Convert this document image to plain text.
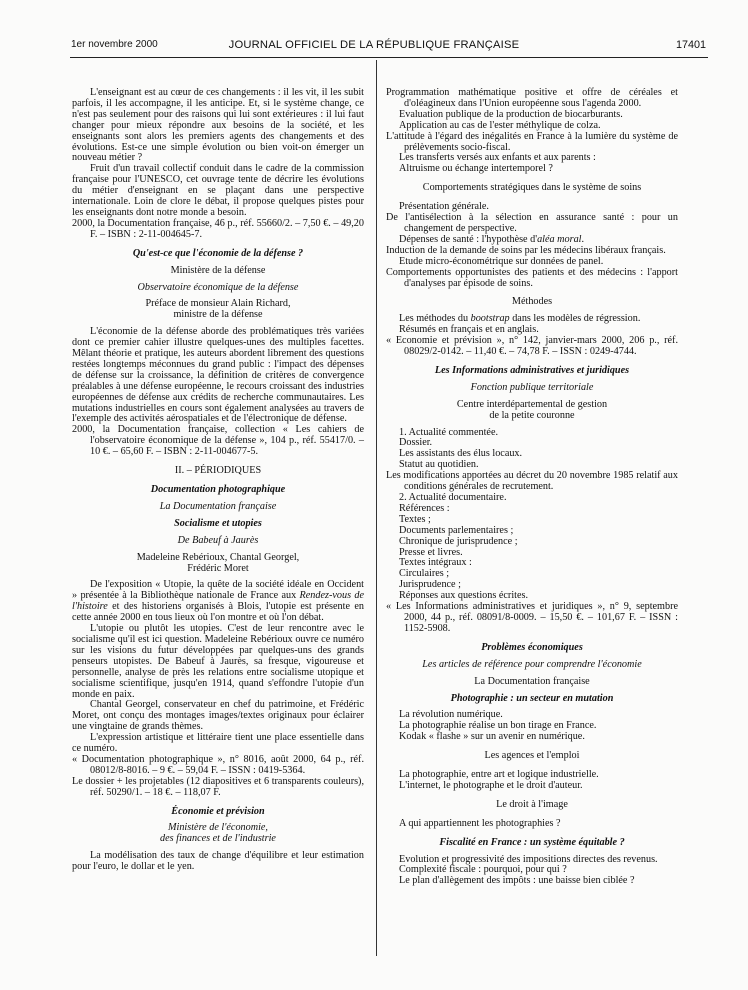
1er novembre 2000	JOURNAL OFFICIEL DE LA RÉPUBLIQUE FRANÇAISE	17401

L'enseignant est au cœur de ces changements : il les vit, il les subit parfois, il les accompagne, il les anticipe. Et, si le système change, ce n'est pas seulement pour des raisons qui lui sont extérieures : il lui faut changer pour mieux répondre aux besoins de la société, et les enseignants sont alors les premiers agents des changements et des évolutions. Est-ce une simple évolution ou bien voit-on émerger un nouveau métier ?

Fruit d'un travail collectif conduit dans le cadre de la commission française pour l'UNESCO, cet ouvrage tente de décrire les évolutions du métier d'enseignant en se plaçant dans une perspective internationale. Loin de clore le débat, il propose quelques pistes pour les enseignants dont notre monde a besoin.

2000, la Documentation française, 46 p., réf. 55660/2. – 7,50 €. – 49,20 F. – ISBN : 2-11-004645-7.

Qu'est-ce que l'économie de la défense ?

Ministère de la défense

Observatoire économique de la défense

Préface de monsieur Alain Richard,

ministre de la défense

L'économie de la défense aborde des problématiques très variées dont ce premier cahier illustre quelques-unes des multiples facettes. Mêlant théorie et pratique, les auteurs abordent librement des questions restées longtemps méconnues du grand public : l'impact des dépenses de défense sur la croissance, la définition de critères de convergence préalables à une défense européenne, le recours croissant des industries européennes de défense aux crédits de recherche communautaires. Les mutations industrielles en cours sont également analysées au travers de l'exemple des activités aérospatiales et de l'électronique de défense.

2000, la Documentation française, collection « Les cahiers de l'observatoire économique de la défense », 104 p., réf. 55417/0. – 10 €. – 65,60 F. – ISBN : 2-11-004677-5.

II. – PÉRIODIQUES

Documentation photographique

La Documentation française

Socialisme et utopies

De Babeuf à Jaurès

Madeleine Rebérioux, Chantal Georgel,

Frédéric Moret

De l'exposition « Utopie, la quête de la société idéale en Occident » présentée à la Bibliothèque nationale de France aux Rendez-vous de l'histoire et des historiens organisés à Blois, l'utopie est présente en cette année 2000 en tous lieux où l'on montre et où l'on débat.

L'utopie ou plutôt les utopies. C'est de leur rencontre avec le socialisme qu'il est ici question. Madeleine Rebérioux ouvre ce numéro sur les visions du futur développées par quelques-uns des grands penseurs utopistes. De Babeuf à Jaurès, sa fresque, vigoureuse et personnelle, analyse de près les relations entre socialisme utopique et socialisme scientifique, jusqu'en 1914, quand s'effondre l'utopie d'un monde en paix.

Chantal Georgel, conservateur en chef du patrimoine, et Frédéric Moret, ont conçu des montages images/textes originaux pour éclairer une vingtaine de grands thèmes.

L'expression artistique et littéraire tient une place essentielle dans ce numéro.

« Documentation photographique », n° 8016, août 2000, 64 p., réf. 08012/8-8016. – 9 €. – 59,04 F. – ISSN : 0419-5364.

Le dossier + les projetables (12 diapositives et 6 transparents couleurs), réf. 50290/1. – 18 €. – 118,07 F.

Économie et prévision

Ministère de l'économie,

des finances et de l'industrie

La modélisation des taux de change d'équilibre et leur estimation pour l'euro, le dollar et le yen.

Programmation mathématique positive et offre de céréales et d'oléagineux dans l'Union européenne sous l'agenda 2000.

Evaluation publique de la production de biocarburants.

Application au cas de l'ester méthylique de colza.

L'attitude à l'égard des inégalités en France à la lumière du système de prélèvements socio-fiscal.

Les transferts versés aux enfants et aux parents :

Altruisme ou échange intertemporel ?

Comportements stratégiques dans le système de soins

Présentation générale.

De l'antisélection à la sélection en assurance santé : pour un changement de perspective.

Dépenses de santé : l'hypothèse d'aléa moral.

Induction de la demande de soins par les médecins libéraux français.

Etude micro-économétrique sur données de panel.

Comportements opportunistes des patients et des médecins : l'apport d'analyses par épisode de soins.

Méthodes

Les méthodes du bootstrap dans les modèles de régression.

Résumés en français et en anglais.

« Economie et prévision », n° 142, janvier-mars 2000, 206 p., réf. 08029/2-0142. – 11,40 €. – 74,78 F. – ISSN : 0249-4744.

Les Informations administratives et juridiques

Fonction publique territoriale

Centre interdépartemental de gestion

de la petite couronne

1. Actualité commentée.

Dossier.

Les assistants des élus locaux.

Statut au quotidien.

Les modifications apportées au décret du 20 novembre 1985 relatif aux conditions générales de recrutement.

2. Actualité documentaire.

Références :

Textes ;

Documents parlementaires ;

Chronique de jurisprudence ;

Presse et livres.

Textes intégraux :

Circulaires ;

Jurisprudence ;

Réponses aux questions écrites.

« Les Informations administratives et juridiques », n° 9, septembre 2000, 44 p., réf. 08091/8-0009. – 15,50 €. – 101,67 F. – ISSN : 1152-5908.

Problèmes économiques

Les articles de référence pour comprendre l'économie

La Documentation française

Photographie : un secteur en mutation

La révolution numérique.

La photographie réalise un bon tirage en France.

Kodak « flashe » sur un avenir en numérique.

Les agences et l'emploi

La photographie, entre art et logique industrielle.

L'internet, le photographe et le droit d'auteur.

Le droit à l'image

A qui appartiennent les photographies ?

Fiscalité en France : un système équitable ?

Evolution et progressivité des impositions directes des revenus.

Complexité fiscale : pourquoi, pour qui ?

Le plan d'allègement des impôts : une baisse bien ciblée ?
